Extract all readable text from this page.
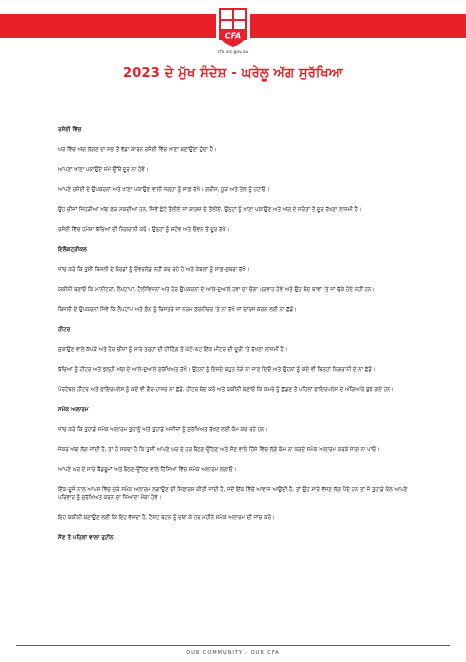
CFA
cfa.vic.gov.au
2023 ਦੇ ਮੁੱਖ ਸੰਦੇਸ਼ - ਘਰੇਲੂ ਅੱਗ ਸੁਰੱਖਿਆ
ਰਸੋਈ ਵਿੱਚ
ਘਰ ਵਿੱਚ ਅੱਗ ਲੱਗਣ ਦਾ ਸਭ ਤੋਂ ਵੱਡਾ ਕਾਰਨ ਰਸੋਈ ਵਿੱਚ ਖਾਣਾ ਬਣਾਉਣਾ ਹੁੰਦਾ ਹੈ।
ਆਪਣਾ ਖਾਣਾ ਪਕਾਉਂਦੇ ਸਮੇਂ ਉੱਥੋਂ ਦੂਰ ਨਾ ਹੋਵੋ।
ਆਪਣੇ ਰਸੋਈ ਦੇ ਉਪਕਰਨਾਂ ਅਤੇ ਖਾਣਾ ਪਕਾਉਣ ਵਾਲੀ ਜਗ੍ਹਾ ਨੂੰ ਸਾਫ਼ ਰੱਖੋ। ਗਰੀਸ, ਧੂੜ ਅਤੇ ਤੇਲ ਨੂੰ ਹਟਾਓ।
ਉਹ ਚੀਜ਼ਾਂ ਜਿਹੜੀਆਂ ਅੱਗ ਫੜ ਸਕਦੀਆਂ ਹਨ, ਜਿਵੇਂ ਛੋਟੇ ਤੌਲੀਏ ਜਾਂ ਕਾਗਜ਼ ਦੇ ਤੌਲੀਏ, ਉਨ੍ਹਾਂ ਨੂੰ ਖਾਣਾ ਪਕਾਉਣ ਅਤੇ ਅੱਗ ਦੇ ਸਰੋਤਾਂ ਤੋਂ ਦੂਰ ਰੱਖਣਾ ਲਾਜ਼ਮੀ ਹੈ।
ਰਸੋਈ ਵਿੱਚ ਹਮੇਸ਼ਾ ਬੱਚਿਆਂ ਦੀ ਨਿਗਰਾਨੀ ਕਰੋ। ਉਨ੍ਹਾਂ ਨੂੰ ਸਟੋਵ ਅਤੇ ਓਵਨ ਤੋਂ ਦੂਰ ਰੱਖੋ।
ਇਲੈਕਟ੍ਰੀਕਲ
ਜਾਂਚ ਕਰੋ ਕਿ ਤੁਸੀਂ ਬਿਜਲੀ ਦੇ ਬੋਰਡਾਂ ਨੂੰ ਓਵਰਲੋਡ ਨਹੀਂ ਕਰ ਰਹੇ ਹੋ ਅਤੇ ਕੇਬਲਾਂ ਨੂੰ ਸਾਫ਼-ਸੁਥਰਾ ਰੱਖੋ।
ਯਕੀਨੀ ਬਣਾਓ ਕਿ ਮਾਨੀਟਰਾਂ, ਲੈਪਟਾਪਾਂ, ਟੈਲੀਵਿਜ਼ਨਾਂ ਅਤੇ ਹੋਰ ਉਪਕਰਨਾਂ ਦੇ ਆਲੇ-ਦੁਆਲੇ ਹਵਾ ਦਾ ਚੰਗਾ ਪ੍ਰਵਾਹ ਹੋਵੇ ਅਤੇ ਉਹ ਬੰਦ ਥਾਵਾਂ 'ਤੇ ਜਾਂ ਢੱਕੇ ਹੋਏ ਨਹੀਂ ਹਨ।
ਬਿਜਲੀ ਦੇ ਉਪਕਰਨਾਂ ਜਿਵੇਂ ਕਿ ਲੈਪਟਾਪ ਅਤੇ ਫ਼ੋਨ ਨੂੰ ਬਿਸਤਰੇ ਜਾਂ ਨਰਮ ਫ਼ਰਨੀਚਰ 'ਤੇ ਨਾ ਰੱਖੋ ਜਾਂ ਚਾਰਜ ਕਰਨ ਲਈ ਨਾ ਛੱਡੋ।
ਹੀਟਰ
ਸੁਕਾਉਣ ਵਾਲੇ ਕੱਪੜੇ ਅਤੇ ਹੋਰ ਚੀਜ਼ਾਂ ਨੂੰ ਸਾਰੇ ਤਰ੍ਹਾਂ ਦੀ ਹੀਟਿੰਗ ਤੋਂ ਘੱਟੋ-ਘੱਟ ਇੱਕ ਮੀਟਰ ਦੀ ਦੂਰੀ 'ਤੇ ਰੱਖਣਾ ਲਾਜ਼ਮੀ ਹੈ।
ਬੱਚਿਆਂ ਨੂੰ ਹੀਟਰ ਅਤੇ ਖੁੱਲ੍ਹੀ ਅੱਗ ਦੇ ਆਲੇ-ਦੁਆਲੇ ਸੁਰੱਖਿਅਤ ਰੱਖੋ। ਉਹਨਾਂ ਨੂੰ ਇਸਦੇ ਬਹੁਤ ਨੇੜੇ ਨਾ ਜਾਣ ਦਿਓ ਅਤੇ ਉਹਨਾਂ ਨੂੰ ਕਦੇ ਵੀ ਬਿਨ੍ਹਾਂ ਨਿਗਰਾਨੀ ਦੇ ਨਾ ਛੱਡੋ।
ਪੋਰਟੇਬਲ ਹੀਟਰ ਅਤੇ ਫਾਇਰਪਲੇਸ ਨੂੰ ਕਦੇ ਵੀ ਗੈਰ-ਹਾਜ਼ਰ ਨਾ ਛੱਡੋ, ਹੀਟਰ ਬੰਦ ਕਰੋ ਅਤੇ ਯਕੀਨੀ ਬਣਾਓ ਕਿ ਕਮਰੇ ਨੂੰ ਛੱਡਣ ਤੋਂ ਪਹਿਲਾਂ ਫਾਇਰਪਲੇਸ ਦੇ ਅੰਗਿਆਰੇ ਬੁਝ ਗਏ ਹਨ।
ਸਮੋਕ ਅਲਾਰਮ
ਜਾਂਚ ਕਰੋ ਕਿ ਤੁਹਾਡੇ ਸਮੋਕ ਅਲਾਰਮ ਤੁਹਾਨੂੰ ਅਤੇ ਤੁਹਾਡੇ ਅਜ਼ੀਜ਼ਾਂ ਨੂੰ ਸੁਰੱਖਿਅਤ ਰੱਖਣ ਲਈ ਕੰਮ ਕਰ ਰਹੇ ਹਨ।
ਜੇਕਰ ਅੱਗ ਲੱਗ ਜਾਂਦੀ ਹੈ, ਤਾਂ ਹੋ ਸਕਦਾ ਹੈ ਕਿ ਤੁਸੀਂ ਆਪਣੇ ਘਰ ਦੇ ਹਰ ਬੈਠਣ-ਉੱਠਣ ਅਤੇ ਸੌਣ ਵਾਲੇ ਹਿੱਸੇ ਵਿੱਚ ਲੱਗੇ ਕੰਮ ਨਾ ਕਰਦੇ ਸਮੋਕ ਅਲਾਰਮ ਕਰਕੇ ਜਾਗ ਨਾ ਪਾਓ।
ਆਪਣੇ ਘਰ ਦੇ ਸਾਰੇ ਬੈੱਡਰੂਮਾਂ ਅਤੇ ਬੈਠਣ-ਉੱਠਣ ਵਾਲੇ ਹਿੱਸਿਆਂ ਵਿੱਚ ਸਮੋਕ ਅਲਾਰਮ ਲਗਾਓ।
ਇੱਕ-ਦੂਜੇ ਨਾਲ ਆਪਸ ਵਿੱਚ ਜੁੜੇ ਸਮੋਕ ਅਲਾਰਮ ਲਗਾਉਣ ਦੀ ਸਿਫ਼ਾਰਸ਼ ਕੀਤੀ ਜਾਂਦੀ ਹੈ, ਜਦੋਂ ਇੱਕ ਵਿੱਚੋਂ ਆਵਾਜ਼ ਆਉਂਦੀ ਹੈ, ਤਾਂ ਉਹ ਸਾਰੇ ਵੱਜਣ ਲੱਗ ਪੈਂਦੇ ਹਨ ਤਾਂ ਜੋ ਤੁਹਾਡੇ ਕੋਲ ਆਪਣੇ ਪਰਿਵਾਰ ਨੂੰ ਸੁਰੱਖਿਅਤ ਕਰਨ ਦਾ ਜ਼ਿਆਦਾ ਮੌਕਾ ਹੋਵੇ।
ਇਹ ਯਕੀਨੀ ਬਣਾਉਣ ਲਈ ਕਿ ਇਹ ਵੱਜਦਾ ਹੈ, ਟੈਸਟ ਬਟਨ ਨੂੰ ਦਬਾ ਕੇ ਹਰ ਮਹੀਨੇ ਸਮੋਕ ਅਲਾਰਮ ਦੀ ਜਾਂਚ ਕਰੋ।
ਸੌਣ ਤੋਂ ਪਹਿਲਾਂ ਵਾਲਾ ਰੁਟੀਨ
OUR COMMUNITY · OUR CFA
